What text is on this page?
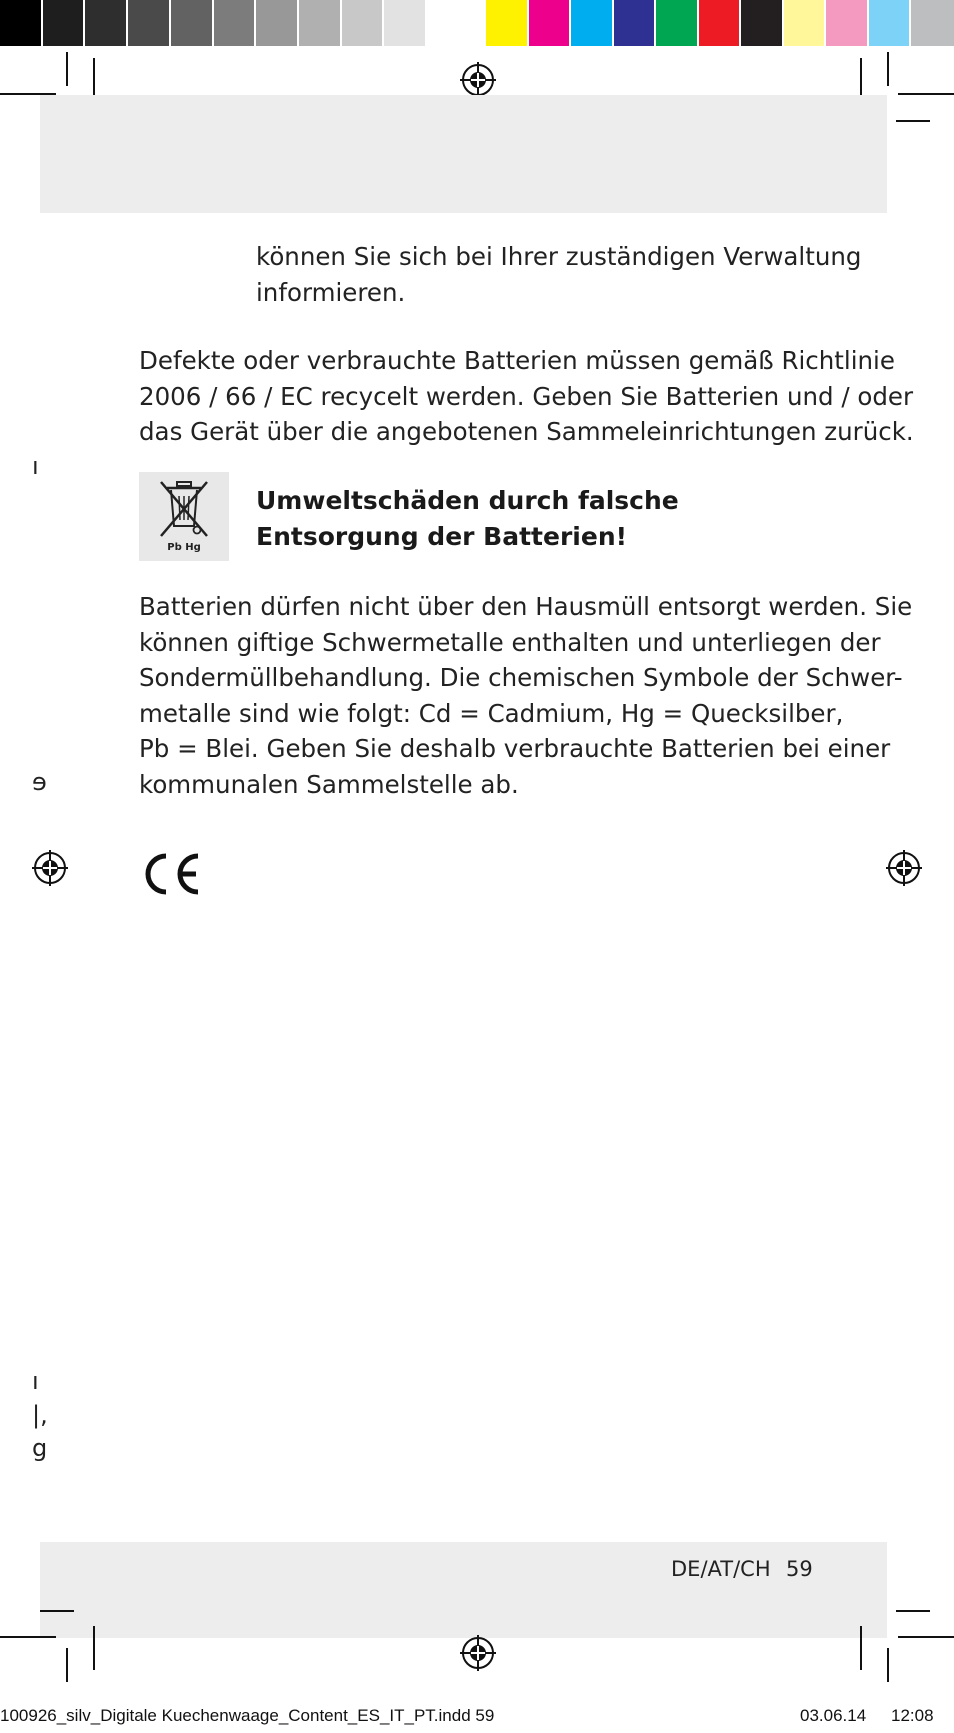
können Sie sich bei Ihrer zuständigen Verwaltung
informieren.
Defekte oder verbrauchte Batterien müssen gemäß Richtlinie
2006 / 66 / EC recycelt werden. Geben Sie Batterien und / oder
das Gerät über die angebotenen Sammeleinrichtungen zurück.
Pb Hg
Umweltschäden durch falsche
Entsorgung der Batterien!
Batterien dürfen nicht über den Hausmüll entsorgt werden. Sie
können giftige Schwermetalle enthalten und unterliegen der
Sondermüllbehandlung. Die chemischen Symbole der Schwer-
metalle sind wie folgt: Cd = Cadmium, Hg = Quecksilber,
Pb = Blei. Geben Sie deshalb verbrauchte Batterien bei einer
kommunalen Sammelstelle ab.
ı
ɘ
ı
|,
g
DE/AT/CH 59
100926_silv_Digitale Kuechenwaage_Content_ES_IT_PT.indd 59	03.06.14 12:08
